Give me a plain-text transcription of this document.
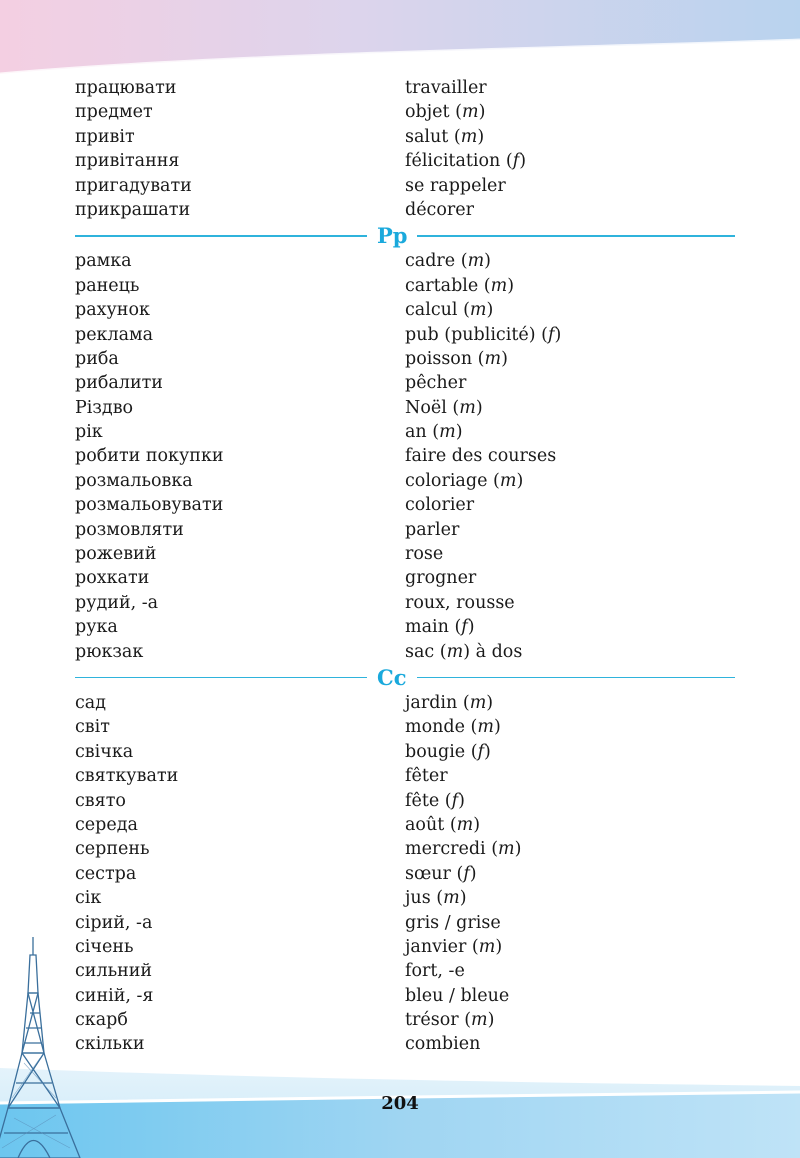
працювати	travailler
предмет	objet (m)
привіт	salut (m)
привітання	félicitation (f)
пригадувати	se rappeler
прикрашати	décorer
Pp
рамка	cadre (m)
ранець	cartable (m)
рахунок	calcul (m)
реклама	pub (publicité) (f)
риба	poisson (m)
рибалити	pêcher
Різдво	Noël (m)
рік	an (m)
робити покупки	faire des courses
розмальовка	coloriage (m)
розмальовувати	colorier
розмовляти	parler
рожевий	rose
рохкати	grogner
рудий, -а	roux, rousse
рука	main (f)
рюкзак	sac (m) à dos
Cc
сад	jardin (m)
світ	monde (m)
свічка	bougie (f)
святкувати	fêter
свято	fête (f)
середа	août (m)
серпень	mercredi (m)
сестра	sœur (f)
сік	jus (m)
сірий, -а	gris / grise
січень	janvier (m)
сильний	fort, -e
синій, -я	bleu / bleue
скарб	trésor (m)
скільки	combien
204
